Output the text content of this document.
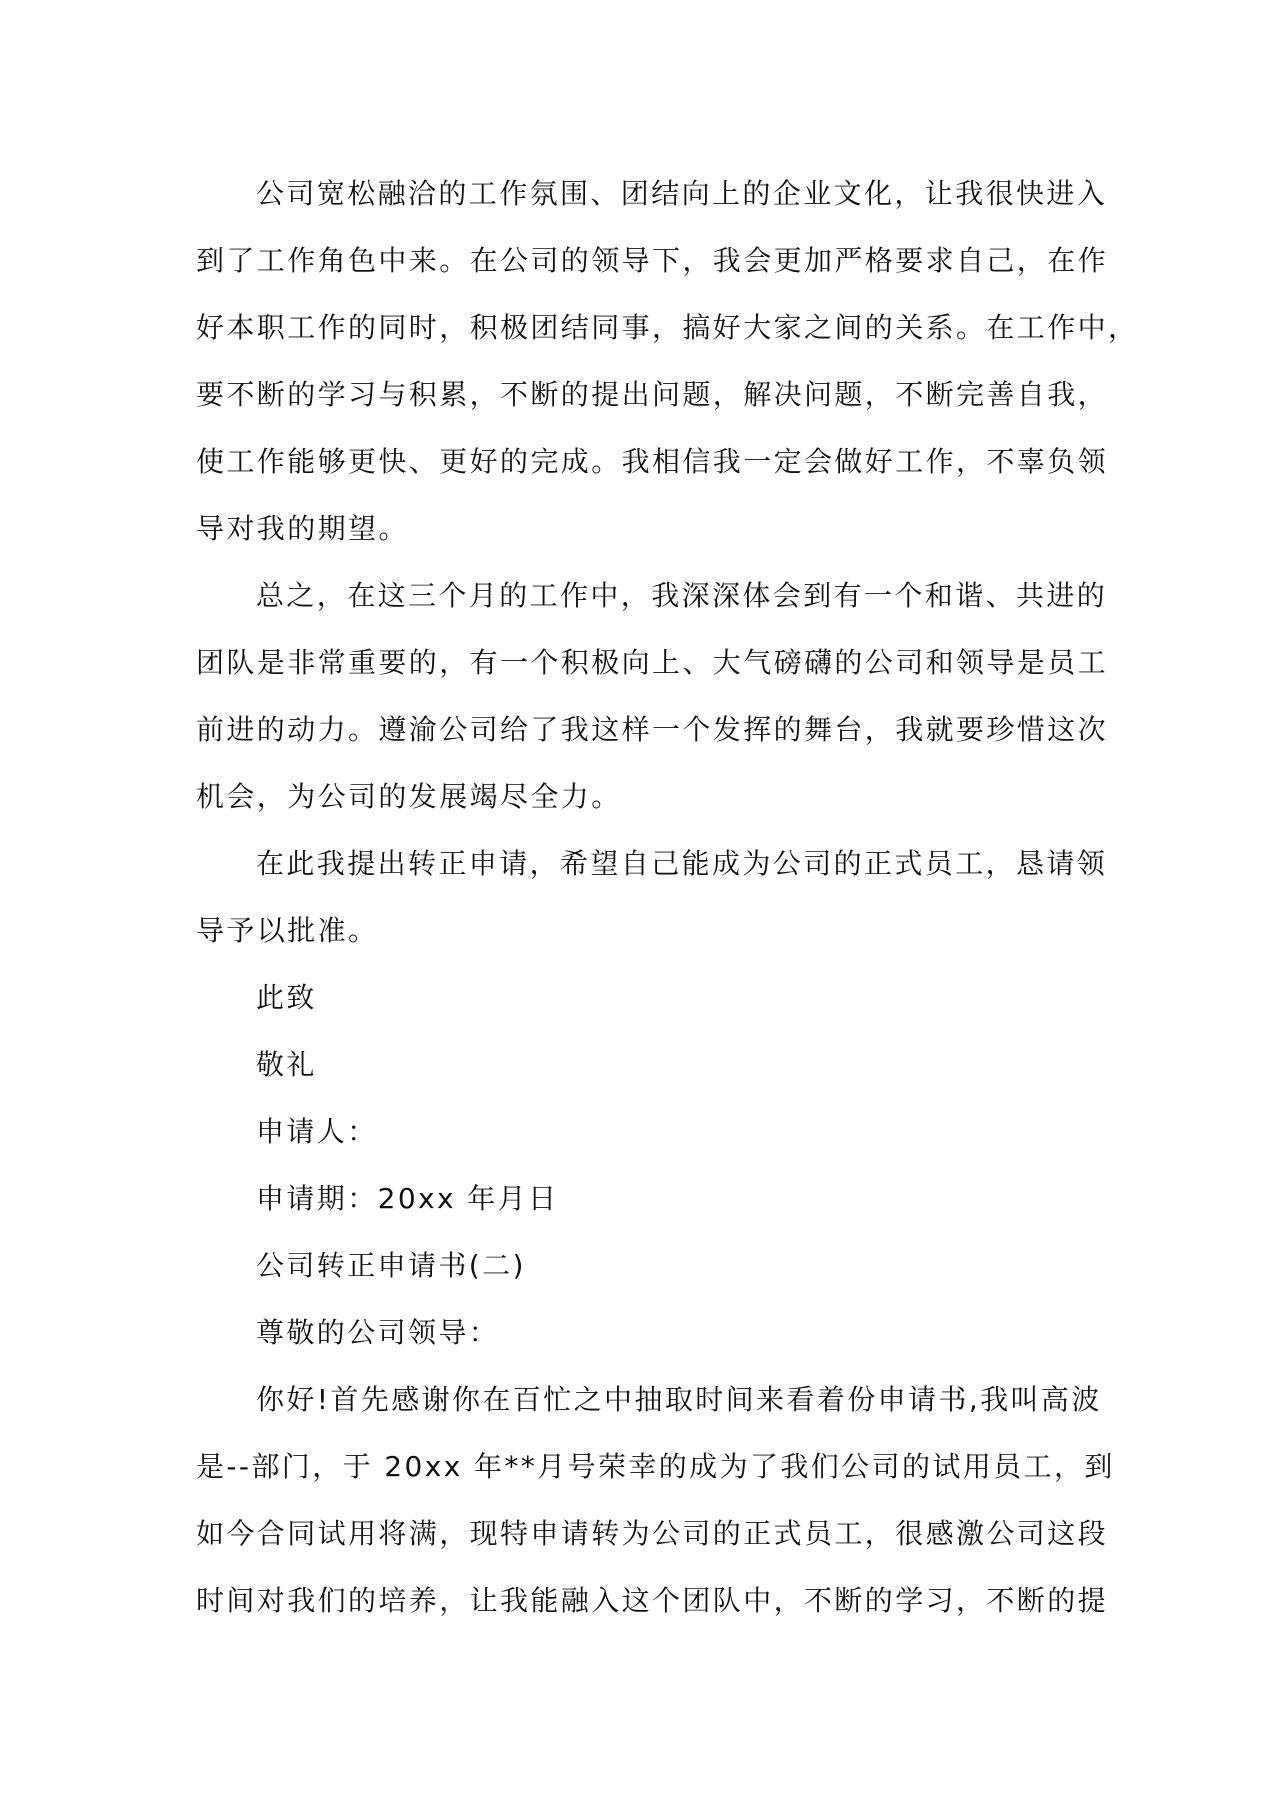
公司宽松融洽的工作氛围、团结向上的企业文化，让我很快进入
到了工作角色中来。在公司的领导下，我会更加严格要求自己，在作
好本职工作的同时，积极团结同事，搞好大家之间的关系。在工作中，
要不断的学习与积累，不断的提出问题，解决问题，不断完善自我，
使工作能够更快、更好的完成。我相信我一定会做好工作，不辜负领
导对我的期望。
总之，在这三个月的工作中，我深深体会到有一个和谐、共进的
团队是非常重要的，有一个积极向上、大气磅礴的公司和领导是员工
前进的动力。遵渝公司给了我这样一个发挥的舞台，我就要珍惜这次
机会，为公司的发展竭尽全力。
在此我提出转正申请，希望自己能成为公司的正式员工，恳请领
导予以批准。
此致
敬礼
申请人：
申请期：20xx 年月日
公司转正申请书(二)
尊敬的公司领导：
你好!首先感谢你在百忙之中抽取时间来看着份申请书,我叫高波
是--部门，于 20xx 年**月号荣幸的成为了我们公司的试用员工，到
如今合同试用将满，现特申请转为公司的正式员工，很感激公司这段
时间对我们的培养，让我能融入这个团队中，不断的学习，不断的提
